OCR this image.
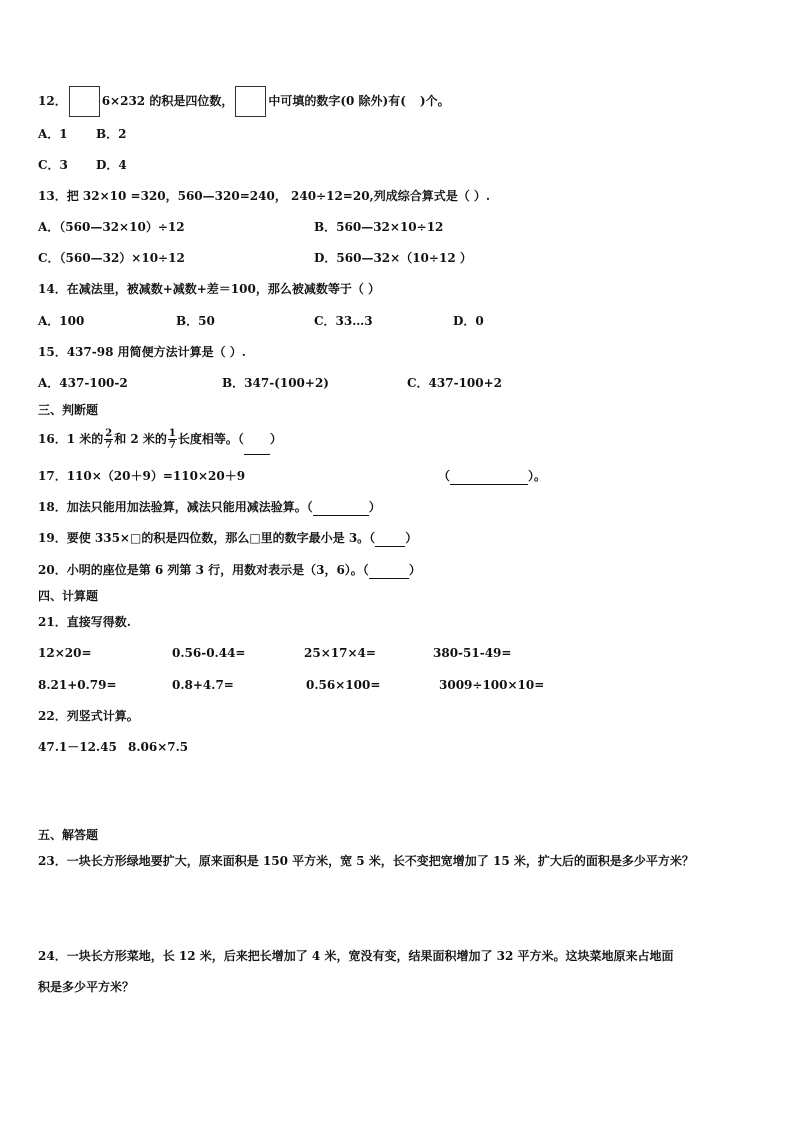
12．	6×232 的积是四位数，	中可填的数字(0 除外)有( )个。
A．1 B．2
C．3 D．4
13．把 32×10 =320，560—320=240， 240÷12=20,列成综合算式是（ ）.
A．（560—32×10）÷12	B．560—32×10÷12
C．（560—32）×10÷12	D．560—32×（10÷12 ）
14．在减法里，被减数+减数+差＝100，那么被减数等于（ ）
A．100	B．50	C．33…3	D．0
15．437-98 用简便方法计算是（ ）.
A．437-100-2	B．347-(100+2)	C．437-100+2
三、判断题
16．1 米的 $\frac{2}{7}$ 和 2 米的 $\frac{1}{7}$ 长度相等。（ ）
17．110×（20＋9）=110×20＋9	（	）。
18．加法只能用加法验算，减法只能用减法验算。（	）
19．要使 335×□的积是四位数，那么□里的数字最小是 3。（	）
20．小明的座位是第 6 列第 3 行，用数对表示是（3，6）。（	）
四、计算题
21．直接写得数.
12×20=	0.56-0.44=	25×17×4=	380-51-49=
8.21+0.79=	0.8+4.7=	0.56×100=	3009÷100×10=
22．列竖式计算。
47.1－12.45 8.06×7.5
五、解答题
23．一块长方形绿地要扩大，原来面积是 150 平方米，宽 5 米，长不变把宽增加了 15 米，扩大后的面积是多少平方米？
24．一块长方形菜地，长 12 米，后来把长增加了 4 米，宽没有变，结果面积增加了 32 平方米。这块菜地原来占地面
积是多少平方米？
